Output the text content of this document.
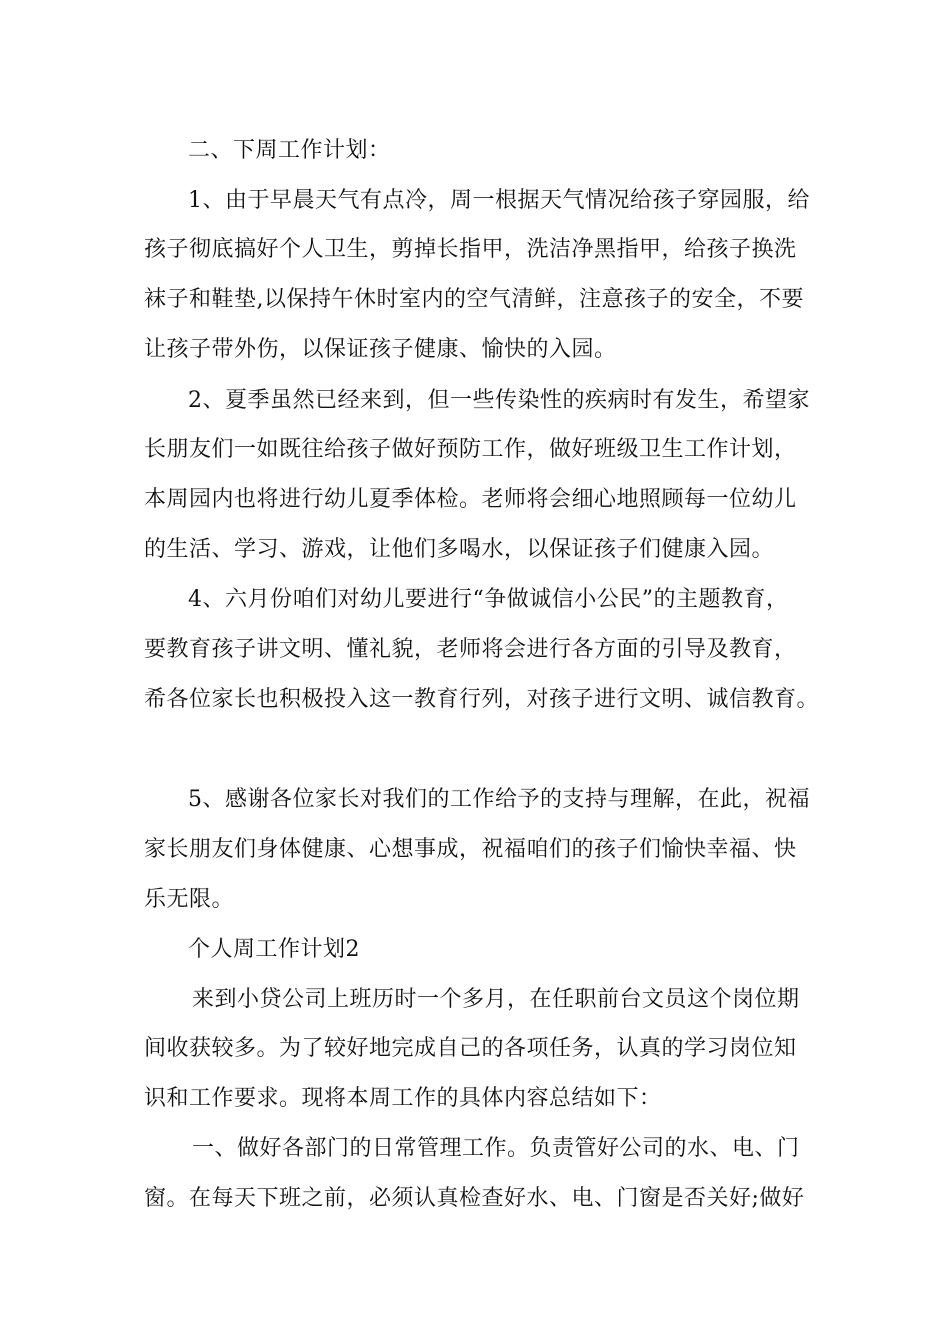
二、下周工作计划：
1、由于早晨天气有点冷，周一根据天气情况给孩子穿园服，给
孩子彻底搞好个人卫生，剪掉长指甲，洗洁净黑指甲，给孩子换洗
袜子和鞋垫,以保持午休时室内的空气清鲜，注意孩子的安全，不要
让孩子带外伤，以保证孩子健康、愉快的入园。
2、夏季虽然已经来到，但一些传染性的疾病时有发生，希望家
长朋友们一如既往给孩子做好预防工作，做好班级卫生工作计划，
本周园内也将进行幼儿夏季体检。老师将会细心地照顾每一位幼儿
的生活、学习、游戏，让他们多喝水，以保证孩子们健康入园。
4、六月份咱们对幼儿要进行“争做诚信小公民”的主题教育，
要教育孩子讲文明、懂礼貌，老师将会进行各方面的引导及教育，
希各位家长也积极投入这一教育行列，对孩子进行文明、诚信教育。
5、感谢各位家长对我们的工作给予的支持与理解，在此，祝福
家长朋友们身体健康、心想事成，祝福咱们的孩子们愉快幸福、快
乐无限。
个人周工作计划2
来到小贷公司上班历时一个多月，在任职前台文员这个岗位期
间收获较多。为了较好地完成自己的各项任务，认真的学习岗位知
识和工作要求。现将本周工作的具体内容总结如下：
一、做好各部门的日常管理工作。负责管好公司的水、电、门
窗。在每天下班之前，必须认真检查好水、电、门窗是否关好;做好
